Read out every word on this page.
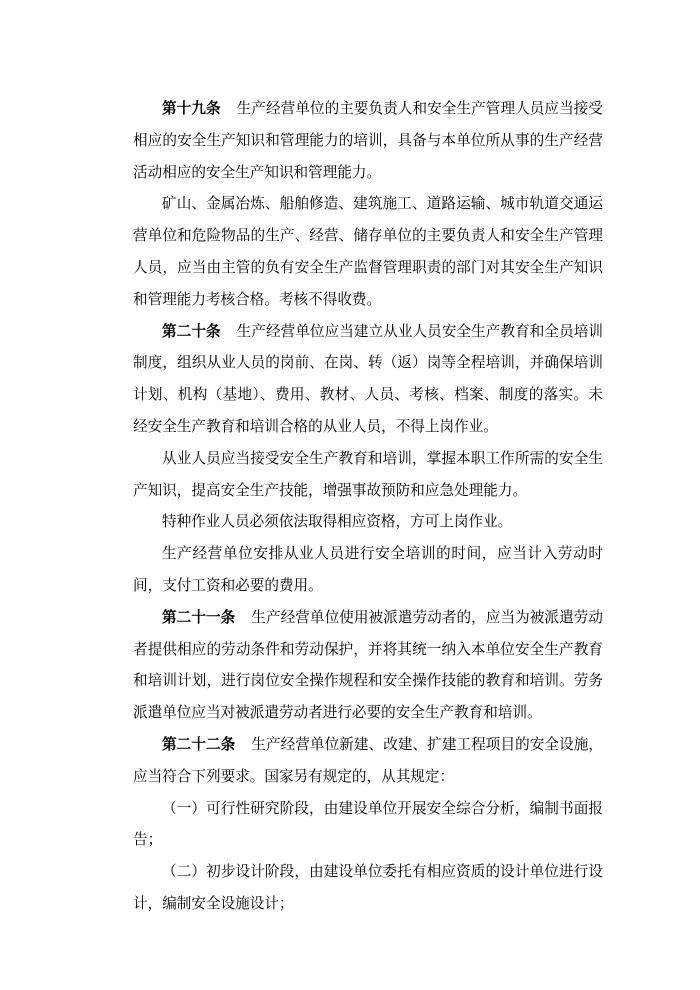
第十九条 生产经营单位的主要负责人和安全生产管理人员应当接受相应的安全生产知识和管理能力的培训，具备与本单位所从事的生产经营活动相应的安全生产知识和管理能力。

矿山、金属冶炼、船舶修造、建筑施工、道路运输、城市轨道交通运营单位和危险物品的生产、经营、储存单位的主要负责人和安全生产管理人员，应当由主管的负有安全生产监督管理职责的部门对其安全生产知识和管理能力考核合格。考核不得收费。

第二十条 生产经营单位应当建立从业人员安全生产教育和全员培训制度，组织从业人员的岗前、在岗、转（返）岗等全程培训，并确保培训计划、机构（基地）、费用、教材、人员、考核、档案、制度的落实。未经安全生产教育和培训合格的从业人员，不得上岗作业。

从业人员应当接受安全生产教育和培训，掌握本职工作所需的安全生产知识，提高安全生产技能，增强事故预防和应急处理能力。

特种作业人员必须依法取得相应资格，方可上岗作业。

生产经营单位安排从业人员进行安全培训的时间，应当计入劳动时间，支付工资和必要的费用。

第二十一条 生产经营单位使用被派遣劳动者的，应当为被派遣劳动者提供相应的劳动条件和劳动保护，并将其统一纳入本单位安全生产教育和培训计划，进行岗位安全操作规程和安全操作技能的教育和培训。劳务派遣单位应当对被派遣劳动者进行必要的安全生产教育和培训。

第二十二条 生产经营单位新建、改建、扩建工程项目的安全设施，应当符合下列要求。国家另有规定的，从其规定：

（一）可行性研究阶段，由建设单位开展安全综合分析，编制书面报告；

（二）初步设计阶段，由建设单位委托有相应资质的设计单位进行设计，编制安全设施设计；
